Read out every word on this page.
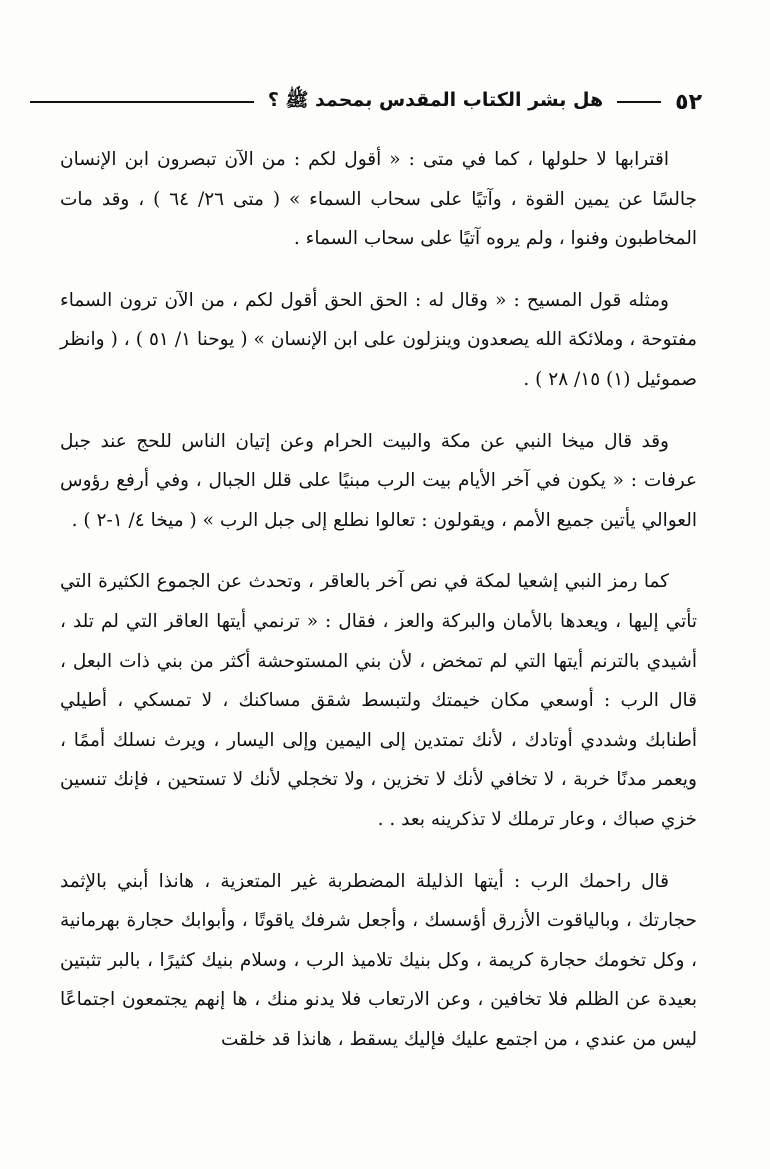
٥٢
هل بشر الكتاب المقدس بمحمد ﷺ ؟

اقترابها لا حلولها ، كما في متى : « أقول لكم : من الآن تبصرون ابن الإنسان جالسًا عن يمين القوة ، وآتيًا على سحاب السماء » ( متى ٢٦/ ٦٤ ) ، وقد مات المخاطبون وفنوا ، ولم يروه آتيًا على سحاب السماء .

ومثله قول المسيح : « وقال له : الحق الحق أقول لكم ، من الآن ترون السماء مفتوحة ، وملائكة الله يصعدون وينزلون على ابن الإنسان » ( يوحنا ١/ ٥١ ) ، ( وانظر صموئيل (١) ١٥/ ٢٨ ) .

وقد قال ميخا النبي عن مكة والبيت الحرام وعن إتيان الناس للحج عند جبل عرفات : « يكون في آخر الأيام بيت الرب مبنيًا على قلل الجبال ، وفي أرفع رؤوس العوالي يأتين جميع الأمم ، ويقولون : تعالوا نطلع إلى جبل الرب » ( ميخا ٤/ ١-٢ ) .

كما رمز النبي إشعيا لمكة في نص آخر بالعاقر ، وتحدث عن الجموع الكثيرة التي تأتي إليها ، ويعدها بالأمان والبركة والعز ، فقال : « ترنمي أيتها العاقر التي لم تلد ، أشيدي بالترنم أيتها التي لم تمخض ، لأن بني المستوحشة أكثر من بني ذات البعل ، قال الرب : أوسعي مكان خيمتك ولتبسط شقق مساكنك ، لا تمسكي ، أطيلي أطنابك وشددي أوتادك ، لأنك تمتدين إلى اليمين وإلى اليسار ، ويرث نسلك أممًا ، ويعمر مدنًا خربة ، لا تخافي لأنك لا تخزين ، ولا تخجلي لأنك لا تستحين ، فإنك تنسين خزي صباك ، وعار ترملك لا تذكرينه بعد . .

قال راحمك الرب : أيتها الذليلة المضطربة غير المتعزية ، هانذا أبني بالإثمد حجارتك ، وبالياقوت الأزرق أؤسسك ، وأجعل شرفك ياقوتًا ، وأبوابك حجارة بهرمانية ، وكل تخومك حجارة كريمة ، وكل بنيك تلاميذ الرب ، وسلام بنيك كثيرًا ، بالبر تثبتين بعيدة عن الظلم فلا تخافين ، وعن الارتعاب فلا يدنو منك ، ها إنهم يجتمعون اجتماعًا ليس من عندي ، من اجتمع عليك فإليك يسقط ، هانذا قد خلقت
